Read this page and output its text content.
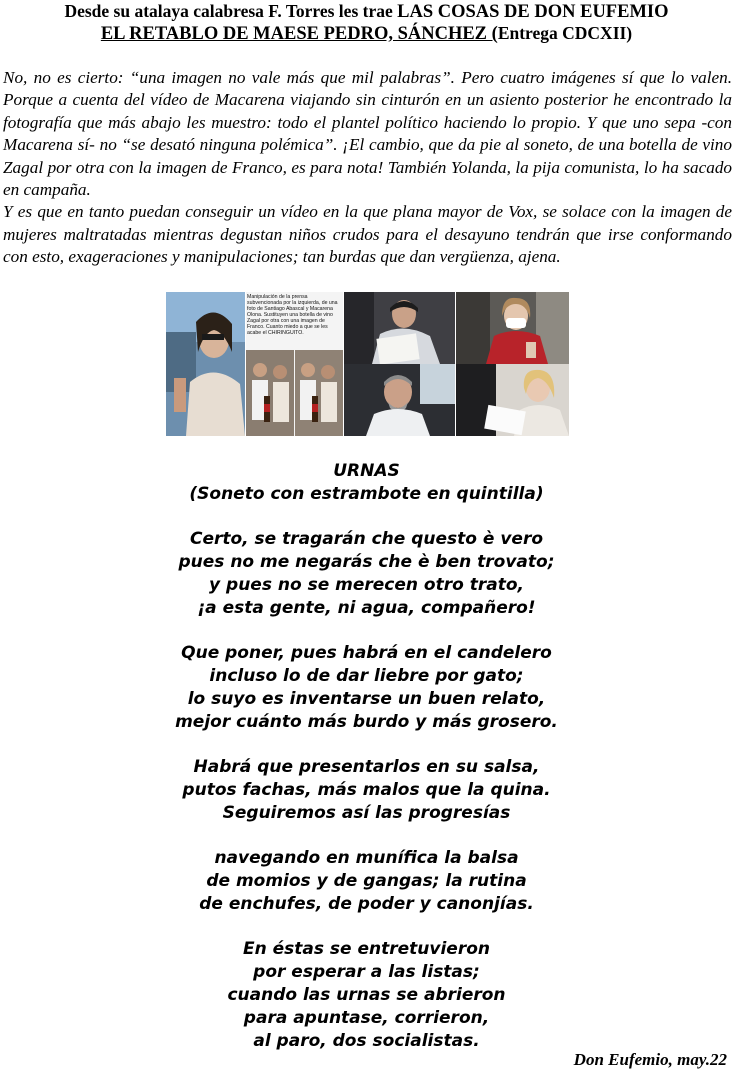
Desde su atalaya calabresa F. Torres les trae LAS COSAS DE DON EUFEMIO
EL RETABLO DE MAESE PEDRO, SÁNCHEZ (Entrega CDCXII)

No, no es cierto: “una imagen no vale más que mil palabras”. Pero cuatro imágenes sí que lo valen. Porque a cuenta del vídeo de Macarena viajando sin cinturón en un asiento posterior he encontrado la fotografía que más abajo les muestro: todo el plantel político haciendo lo propio. Y que uno sepa -con Macarena sí- no “se desató ninguna polémica”. ¡El cambio, que da pie al soneto, de una botella de vino Zagal por otra con la imagen de Franco, es para nota! También Yolanda, la pija comunista, lo ha sacado en campaña.

Y es que en tanto puedan conseguir un vídeo en la que plana mayor de Vox, se solace con la imagen de mujeres maltratadas mientras degustan niños crudos para el desayuno tendrán que irse conformando con esto, exageraciones y manipulaciones; tan burdas que dan vergüenza, ajena.

Manipulación de la prensa subvencionada por la izquierda, de una foto de Santiago Abascal y Macarena Olona. Sustituyen una botella de vino Zagal por otra con una imagen de Franco. Cuanto miedo a que se les acabe el CHIRINGUITO.
URNAS
(Soneto con estrambote en quintilla)
Certo, se tragarán che questo è vero
pues no me negarás che è ben trovato;
y pues no se merecen otro trato,
¡a esta gente, ni agua, compañero!
Que poner, pues habrá en el candelero
incluso lo de dar liebre por gato;
lo suyo es inventarse un buen relato,
mejor cuánto más burdo y más grosero.
Habrá que presentarlos en su salsa,
putos fachas, más malos que la quina.
Seguiremos así las progresías
navegando en munífica la balsa
de momios y de gangas; la rutina
de enchufes, de poder y canonjías.
En éstas se entretuvieron
por esperar a las listas;
cuando las urnas se abrieron
para apuntase, corrieron,
al paro, dos socialistas.
Don Eufemio, may.22
